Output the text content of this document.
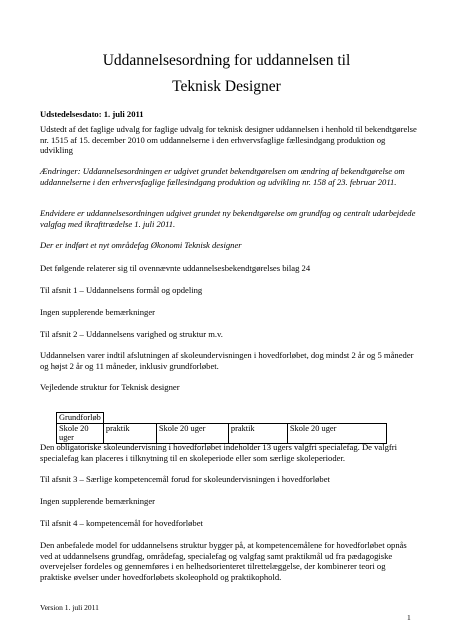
Uddannelsesordning for uddannelsen til
Teknisk Designer

Udstedelsesdato: 1. juli 2011

Udstedt af det faglige udvalg for faglige udvalg for teknisk designer uddannelsen i henhold til bekendtgørelse nr. 1515 af 15. december 2010 om uddannelserne i den erhvervsfaglige fællesindgang produktion og udvikling

Ændringer: Uddannelsesordningen er udgivet grundet bekendtgørelsen om ændring af bekendtgørelse om uddannelserne i den erhvervsfaglige fællesindgang produktion og udvikling nr. 158 af 23. februar 2011.

Endvidere er uddannelsesordningen udgivet grundet ny bekendtgørelse om grundfag og centralt udarbejdede valgfag med ikrafttrædelse 1. juli 2011.

Der er indført et nyt områdefag Økonomi Teknisk designer

Det følgende relaterer sig til ovennævnte uddannelsesbekendtgørelses bilag 24

Til afsnit 1 – Uddannelsens formål og opdeling

Ingen supplerende bemærkninger

Til afsnit 2 – Uddannelsens varighed og struktur m.v.

Uddannelsen varer indtil afslutningen af skoleundervisningen i hovedforløbet, dog mindst 2 år og 5 måneder og højst 2 år og 11 måneder, inklusiv grundforløbet.

Vejledende struktur for Teknisk designer

Grundforløb
Skole 20 uger	praktik	Skole 20 uger	praktik	Skole 20 uger

Den obligatoriske skoleundervisning i hovedforløbet indeholder 13 ugers valgfri specialefag. De valgfri specialefag kan placeres i tilknytning til en skoleperiode eller som særlige skoleperioder.

Til afsnit 3 – Særlige kompetencemål forud for skoleundervisningen i hovedforløbet

Ingen supplerende bemærkninger

Til afsnit 4 – kompetencemål for hovedforløbet

Den anbefalede model for uddannelsens struktur bygger på, at kompetencemålene for hovedforløbet opnås ved at uddannelsens grundfag, områdefag, specialefag og valgfag samt praktikmål ud fra pædagogiske overvejelser fordeles og gennemføres i en helhedsorienteret tilrettelæggelse, der kombinerer teori og praktiske øvelser under hovedforløbets skoleophold og praktikophold.

Version 1. juli 2011
1
